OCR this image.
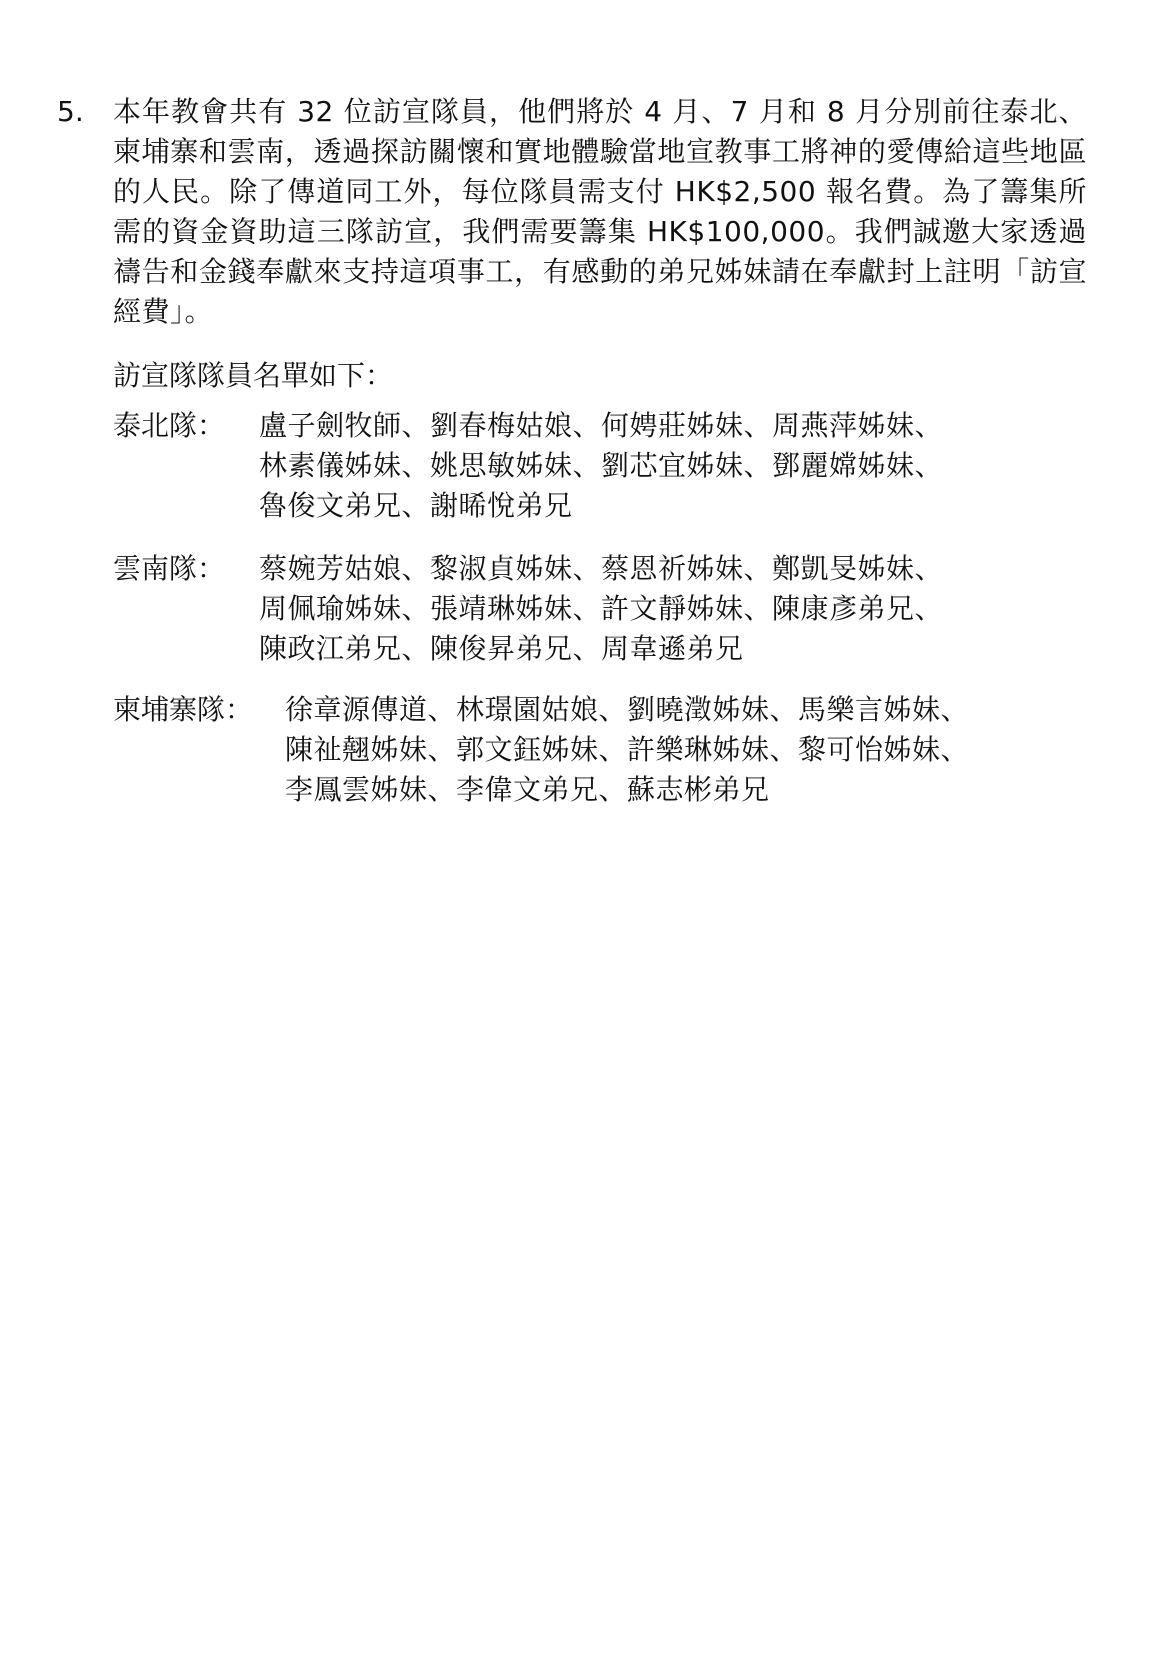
5. 本年教會共有 32 位訪宣隊員，他們將於 4 月、7 月和 8 月分別前往泰北、柬埔寨和雲南，透過探訪關懷和實地體驗當地宣教事工將神的愛傳給這些地區的人民。除了傳道同工外，每位隊員需支付 HK$2,500 報名費。為了籌集所需的資金資助這三隊訪宣，我們需要籌集 HK$100,000。我們誠邀大家透過禱告和金錢奉獻來支持這項事工，有感動的弟兄姊妹請在奉獻封上註明「訪宣經費」。
訪宣隊隊員名單如下：
泰北隊： 盧子劍牧師、劉春梅姑娘、何娉莊姊妹、周燕萍姊妹、
林素儀姊妹、姚思敏姊妹、劉芯宜姊妹、鄧麗嫦姊妹、
魯俊文弟兄、謝晞悅弟兄
雲南隊： 蔡婉芳姑娘、黎淑貞姊妹、蔡恩祈姊妹、鄭凱旻姊妹、
周佩瑜姊妹、張靖琳姊妹、許文靜姊妹、陳康彥弟兄、
陳政江弟兄、陳俊昇弟兄、周韋遜弟兄
柬埔寨隊： 徐章源傳道、林璟園姑娘、劉曉澂姊妹、馬樂言姊妹、
陳祉翹姊妹、郭文鈺姊妹、許樂琳姊妹、黎可怡姊妹、
李鳳雲姊妹、李偉文弟兄、蘇志彬弟兄
